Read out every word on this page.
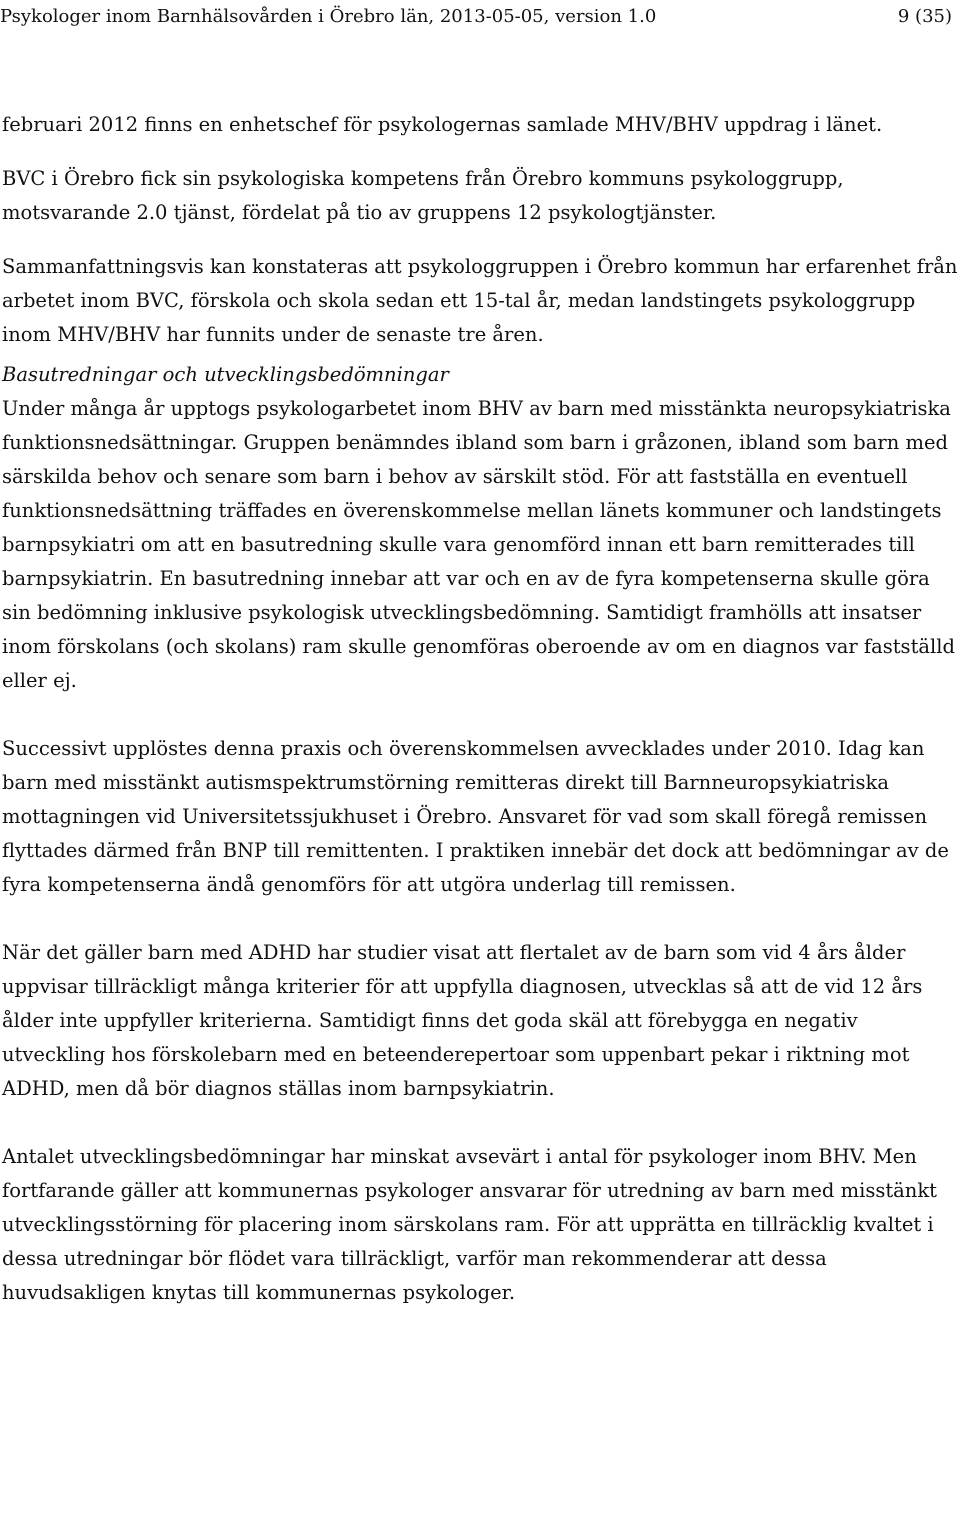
Psykologer inom Barnhälsovården i Örebro län, 2013-05-05, version 1.0	9 (35)

februari 2012 finns en enhetschef för psykologernas samlade MHV/BHV uppdrag i länet.

BVC i Örebro fick sin psykologiska kompetens från Örebro kommuns psykologgrupp, motsvarande 2.0 tjänst, fördelat på tio av gruppens 12 psykologtjänster.

Sammanfattningsvis kan konstateras att psykologgruppen i Örebro kommun har erfarenhet från arbetet inom BVC, förskola och skola sedan ett 15-tal år, medan landstingets psykologgrupp inom MHV/BHV har funnits under de senaste tre åren.

Basutredningar och utvecklingsbedömningar

Under många år upptogs psykologarbetet inom BHV av barn med misstänkta neuropsykiatriska funktionsnedsättningar. Gruppen benämndes ibland som barn i gråzonen, ibland som barn med särskilda behov och senare som barn i behov av särskilt stöd. För att fastställa en eventuell funktionsnedsättning träffades en överenskommelse mellan länets kommuner och landstingets barnpsykiatri om att en basutredning skulle vara genomförd innan ett barn remitterades till barnpsykiatrin. En basutredning innebar att var och en av de fyra kompetenserna skulle göra sin bedömning inklusive psykologisk utvecklingsbedömning. Samtidigt framhölls att insatser inom förskolans (och skolans) ram skulle genomföras oberoende av om en diagnos var fastställd eller ej.

Successivt upplöstes denna praxis och överenskommelsen avvecklades under 2010. Idag kan barn med misstänkt autismspektrumstörning remitteras direkt till Barnneuropsykiatriska mottagningen vid Universitetssjukhuset i Örebro. Ansvaret för vad som skall föregå remissen flyttades därmed från BNP till remittenten. I praktiken innebär det dock att bedömningar av de fyra kompetenserna ändå genomförs för att utgöra underlag till remissen.

När det gäller barn med ADHD har studier visat att flertalet av de barn som vid 4 års ålder uppvisar tillräckligt många kriterier för att uppfylla diagnosen, utvecklas så att de vid 12 års ålder inte uppfyller kriterierna. Samtidigt finns det goda skäl att förebygga en negativ utveckling hos förskolebarn med en beteenderepertoar som uppenbart pekar i riktning mot ADHD, men då bör diagnos ställas inom barnpsykiatrin.

Antalet utvecklingsbedömningar har minskat avsevärt i antal för psykologer inom BHV. Men fortfarande gäller att kommunernas psykologer ansvarar för utredning av barn med misstänkt utvecklingsstörning för placering inom särskolans ram. För att upprätta en tillräcklig kvaltet i dessa utredningar bör flödet vara tillräckligt, varför man rekommenderar att dessa huvudsakligen knytas till kommunernas psykologer.
